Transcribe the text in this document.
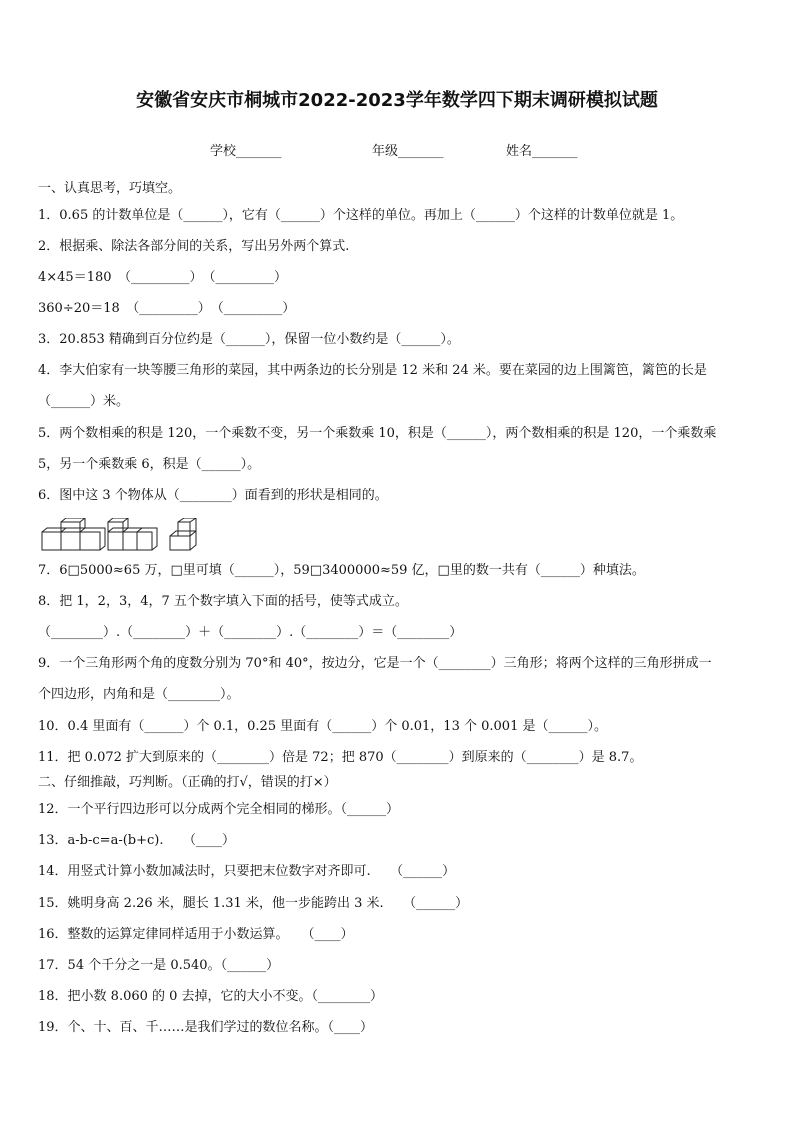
安徽省安庆市桐城市2022-2023学年数学四下期末调研模拟试题
学校_______	年级_______	姓名_______
一、认真思考，巧填空。
1．0.65 的计数单位是（______），它有（______）个这样的单位。再加上（______）个这样的计数单位就是 1。
2．根据乘、除法各部分间的关系，写出另外两个算式.
4×45＝180　（_________）　（_________）
360÷20＝18　（_________）　（_________）
3．20.853 精确到百分位约是（______），保留一位小数约是（______）。
4．李大伯家有一块等腰三角形的菜园，其中两条边的长分别是 12 米和 24 米。要在菜园的边上围篱笆，篱笆的长是
（______）米。
5．两个数相乘的积是 120，一个乘数不变，另一个乘数乘 10，积是（______），两个数相乘的积是 120，一个乘数乘
5，另一个乘数乘 6，积是（______）。
6．图中这 3 个物体从（________）面看到的形状是相同的。
7．6□5000≈65 万，□里可填（______），59□3400000≈59 亿，□里的数一共有（______）种填法。
8．把 1，2，3，4，7 五个数字填入下面的括号，使等式成立。
（________）.（________）＋（________）.（________）＝（________）
9．一个三角形两个角的度数分别为 70°和 40°，按边分，它是一个（________）三角形；将两个这样的三角形拼成一
个四边形，内角和是（________）。
10．0.4 里面有（______）个 0.1，0.25 里面有（______）个 0.01，13 个 0.001 是（______）。
11．把 0.072 扩大到原来的（________）倍是 72；把 870（________）到原来的（________）是 8.7。
二、仔细推敲，巧判断。（正确的打√，错误的打×）
12．一个平行四边形可以分成两个完全相同的梯形。（______）
13．a-b-c=a-(b+c).　　（____）
14．用竖式计算小数加减法时，只要把末位数字对齐即可.　　（______）
15．姚明身高 2.26 米，腿长 1.31 米，他一步能跨出 3 米.　　（______）
16．整数的运算定律同样适用于小数运算。　　（____）
17．54 个千分之一是 0.540。（______）
18．把小数 8.060 的 0 去掉，它的大小不变。（________）
19．个、十、百、千……是我们学过的数位名称。（____）
